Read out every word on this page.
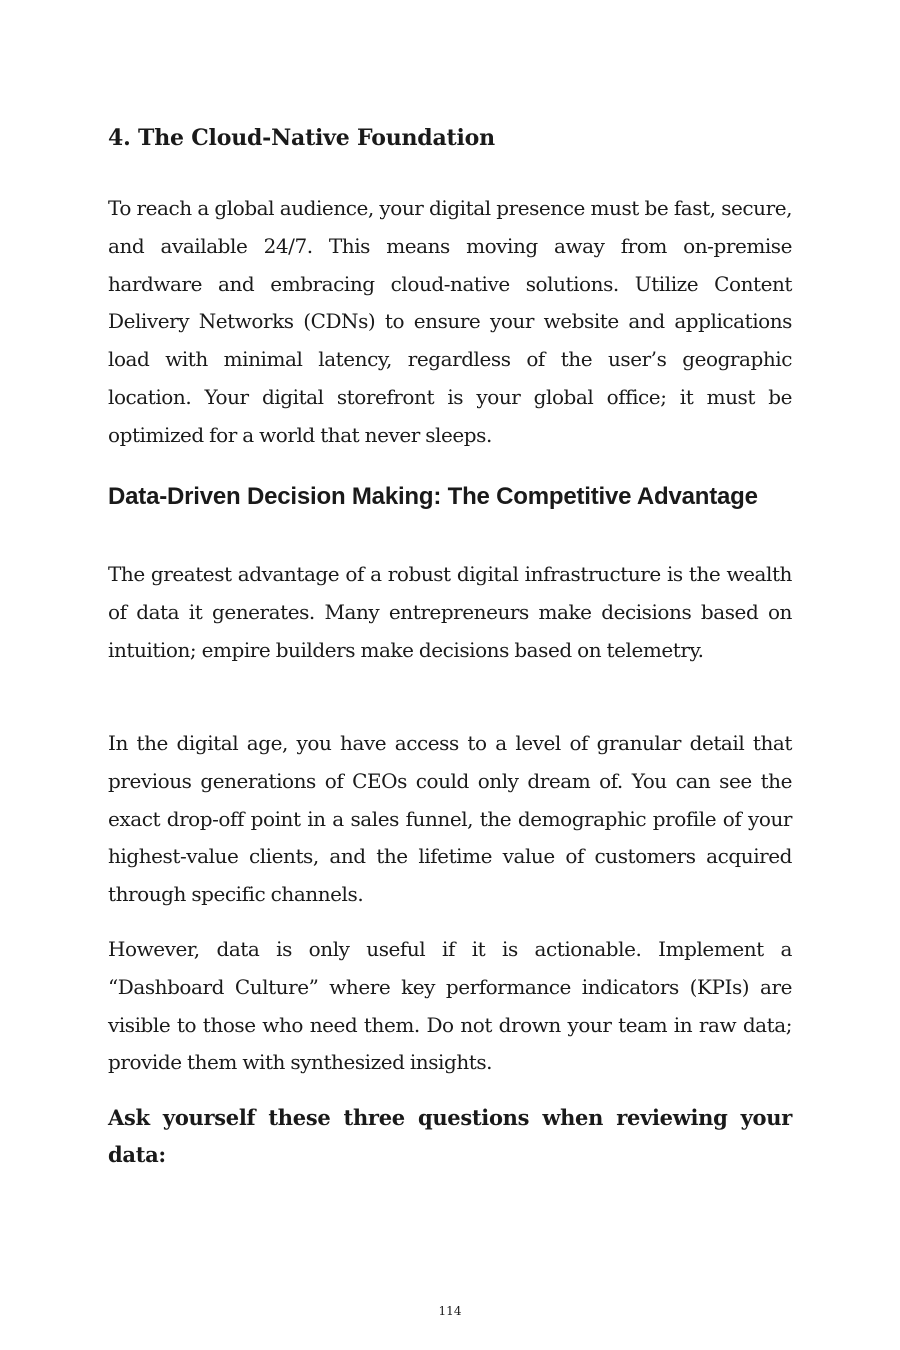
4. The Cloud-Native Foundation

To reach a global audience, your digital presence must be fast, secure, and available 24/7. This means moving away from on-premise hardware and embracing cloud-native solutions. Utilize Content Delivery Networks (CDNs) to ensure your website and applications load with minimal latency, regardless of the user’s geographic location. Your digital storefront is your global office; it must be optimized for a world that never sleeps.

Data-Driven Decision Making: The Competitive Advantage

The greatest advantage of a robust digital infrastructure is the wealth of data it generates. Many entrepreneurs make decisions based on intuition; empire builders make decisions based on telemetry.

In the digital age, you have access to a level of granular detail that previous generations of CEOs could only dream of. You can see the exact drop-off point in a sales funnel, the demographic profile of your highest-value clients, and the lifetime value of customers acquired through specific channels.

However, data is only useful if it is actionable. Implement a “Dashboard Culture” where key performance indicators (KPIs) are visible to those who need them. Do not drown your team in raw data; provide them with synthesized insights.

Ask yourself these three questions when reviewing your data:

114
